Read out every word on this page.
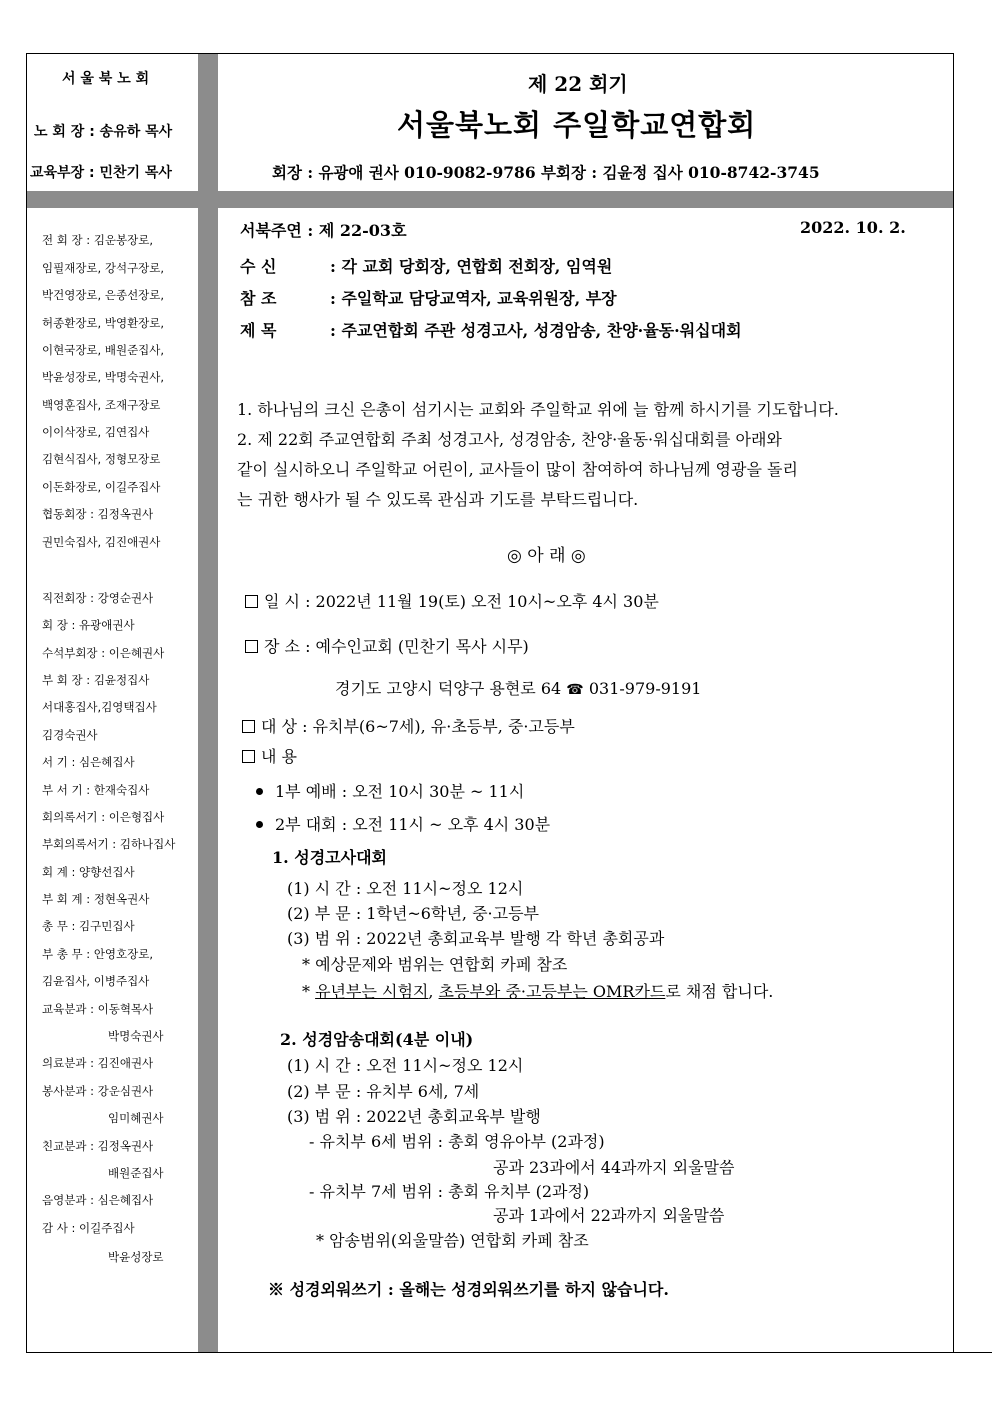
서 울 북 노 회
노 회 장 : 송유하 목사
교육부장 : 민찬기 목사
제 22 회기
서울북노회 주일학교연합회
회장 : 유광애 권사 010-9082-9786 부회장 : 김윤정 집사 010-8742-3745
전 회 장 : 김운봉장로,
임필재장로, 강석구장로,
박건영장로, 은종선장로,
허종환장로, 박영환장로,
이현국장로, 배원준집사,
박윤성장로, 박명숙권사,
백영훈집사, 조재구장로
이이삭장로, 김연집사
김현식집사, 정형모장로
이돈화장로, 이길주집사
협동회장 : 김정옥권사
권민숙집사, 김진애권사
직전회장 : 강영순권사
회 장 : 유광애권사
수석부회장 : 이은혜권사
부 회 장 : 김윤정집사
서대홍집사,김영택집사
김경숙권사
서 기 : 심은혜집사
부 서 기 : 한재숙집사
회의록서기 : 이은형집사
부회의록서기 : 김하나집사
회 계 : 양향선집사
부 회 계 : 정현옥권사
총 무 : 김구민집사
부 총 무 : 안영호장로,
김윤집사, 이병주집사
교육분과 : 이동혁목사
박명숙권사
의료분과 : 김진애권사
봉사분과 : 강운심권사
임미혜권사
친교분과 : 김정옥권사
배원준집사
음영분과 : 심은혜집사
감 사 : 이길주집사
박윤성장로
서북주연 : 제 22-03호	2022. 10. 2.
수 신	: 각 교회 당회장, 연합회 전회장, 임역원
참 조	: 주일학교 담당교역자, 교육위원장, 부장
제 목	: 주교연합회 주관 성경고사, 성경암송, 찬양·율동·워십대회
1. 하나님의 크신 은총이 섬기시는 교회와 주일학교 위에 늘 함께 하시기를 기도합니다.
2. 제 22회 주교연합회 주최 성경고사, 성경암송, 찬양·율동·워십대회를 아래와
같이 실시하오니 주일학교 어린이, 교사들이 많이 참여하여 하나님께 영광을 돌리
는 귀한 행사가 될 수 있도록 관심과 기도를 부탁드립니다.
◎ 아 래 ◎
일 시 : 2022년 11월 19(토) 오전 10시~오후 4시 30분
장 소 : 예수인교회 (민찬기 목사 시무)
경기도 고양시 덕양구 용현로 64 ☎ 031-979-9191
대 상 : 유치부(6~7세), 유·초등부, 중·고등부
내 용
1부 예배 : 오전 10시 30분 ~ 11시
2부 대회 : 오전 11시 ~ 오후 4시 30분
1. 성경고사대회
(1) 시 간 : 오전 11시~정오 12시
(2) 부 문 : 1학년~6학년, 중·고등부
(3) 범 위 : 2022년 총회교육부 발행 각 학년 총회공과
* 예상문제와 범위는 연합회 카페 참조
* 유년부는 시험지, 초등부와 중·고등부는 OMR카드로 채점 합니다.
2. 성경암송대회(4분 이내)
(1) 시 간 : 오전 11시~정오 12시
(2) 부 문 : 유치부 6세, 7세
(3) 범 위 : 2022년 총회교육부 발행
- 유치부 6세 범위 : 총회 영유아부 (2과정)
공과 23과에서 44과까지 외울말씀
- 유치부 7세 범위 : 총회 유치부 (2과정)
공과 1과에서 22과까지 외울말씀
* 암송범위(외울말씀) 연합회 카페 참조
※ 성경외워쓰기 : 올해는 성경외워쓰기를 하지 않습니다.
